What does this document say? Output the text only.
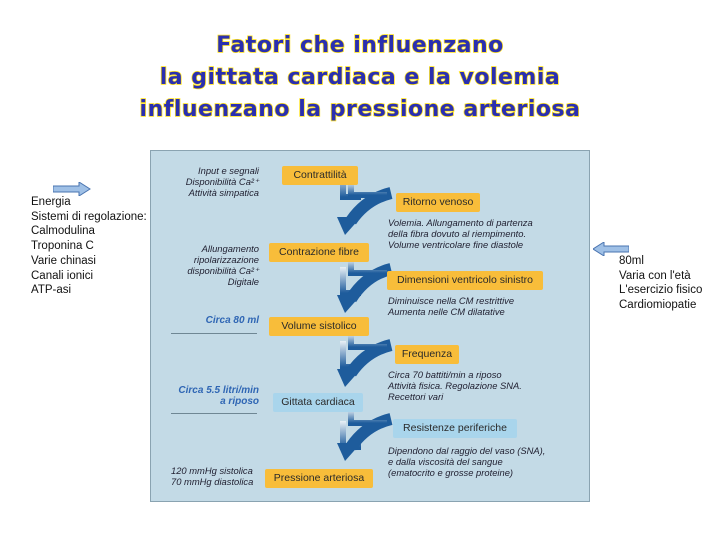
Fatori che influenzano
la gittata cardiaca e la volemia
influenzano la pressione arteriosa
Energia
Sistemi di regolazione:
Calmodulina
Troponina C
Varie chinasi
Canali ionici
ATP-asi
80ml
Varia con l'età
L'esercizio fisico
Cardiomiopatie
Contrattilità
Ritorno venoso
Contrazione fibre
Dimensioni ventricolo sinistro
Volume sistolico
Frequenza
Gittata cardiaca
Resistenze periferiche
Pressione arteriosa
Input e segnali
Disponibilità Ca²⁺
Attività simpatica
Allungamento
ripolarizzazione
disponibilità Ca²⁺
Digitale
Circa 80 ml
Circa 5.5 litri/min
a riposo
120 mmHg sistolica
70 mmHg diastolica
Volemia. Allungamento di partenza
della fibra dovuto al riempimento.
Volume ventricolare fine diastole
Diminuisce nella CM restrittive
Aumenta nelle CM dilatative
Circa 70 battiti/min a riposo
Attività fisica. Regolazione SNA.
Recettori vari
Dipendono dal raggio del vaso (SNA),
e dalla viscosità del sangue
(ematocrito e grosse proteine)
